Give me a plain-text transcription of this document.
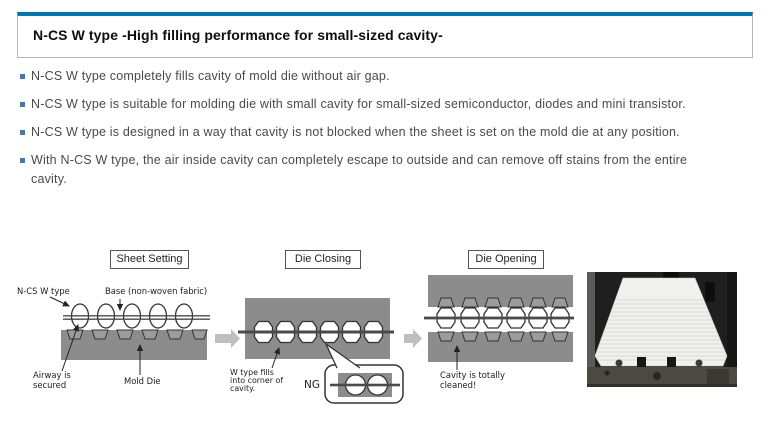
N-CS W type -High filling performance for small-sized cavity-
N-CS W type completely fills cavity of mold die without air gap.
N-CS W type is suitable for molding die with small cavity for small-sized semiconductor, diodes and mini transistor.
N-CS W type is designed in a way that cavity is not blocked when the sheet is set on the mold die at any position.
With N-CS W type, the air inside cavity can completely escape to outside and can remove off stains from the entire cavity.
Sheet Setting	Die Closing	Die Opening
N-CS W type	Base (non-woven fabric)
Airway is
secured	Mold Die
W type fills
into corner of
cavity.	NG
Cavity is totally
cleaned!
